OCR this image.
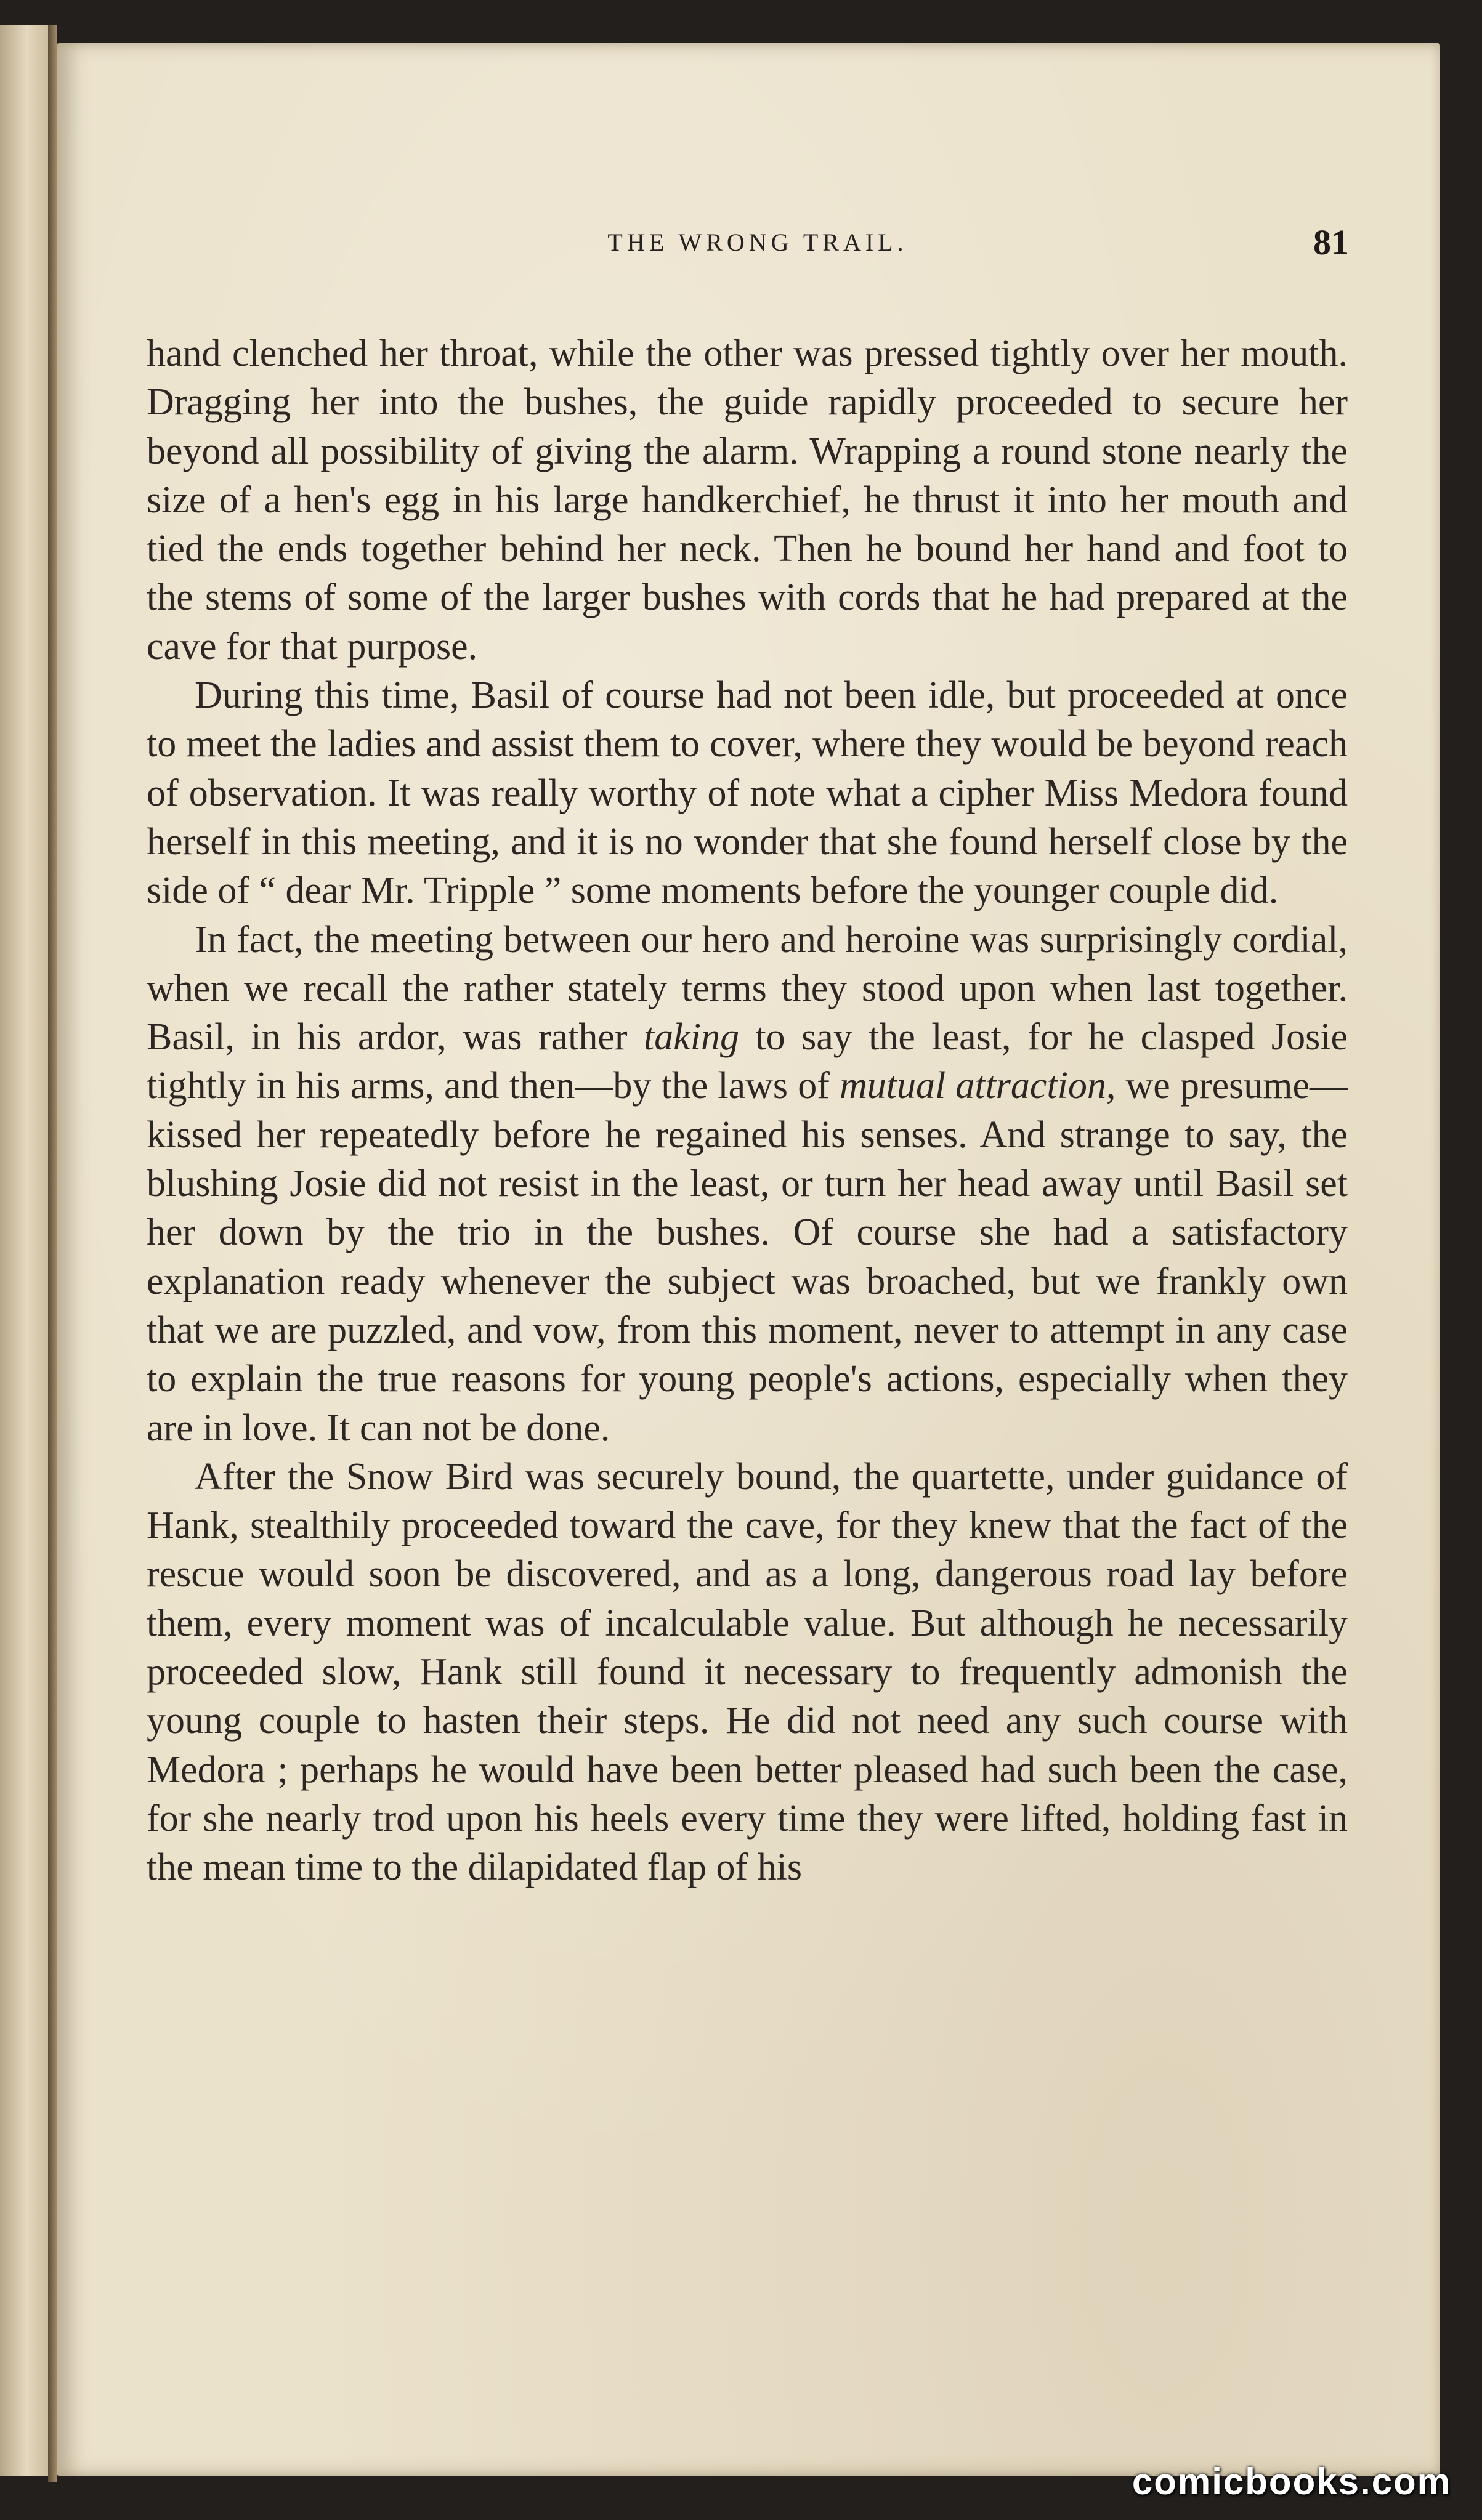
THE WRONG TRAIL.	81

hand clenched her throat, while the other was pressed tightly over her mouth. Dragging her into the bushes, the guide rapidly proceeded to secure her beyond all possibility of giving the alarm. Wrapping a round stone nearly the size of a hen's egg in his large handkerchief, he thrust it into her mouth and tied the ends together behind her neck. Then he bound her hand and foot to the stems of some of the larger bushes with cords that he had prepared at the cave for that purpose.

During this time, Basil of course had not been idle, but proceeded at once to meet the ladies and assist them to cover, where they would be beyond reach of observation. It was really worthy of note what a cipher Miss Medora found herself in this meeting, and it is no wonder that she found herself close by the side of “ dear Mr. Tripple ” some moments before the younger couple did.

In fact, the meeting between our hero and heroine was surprisingly cordial, when we recall the rather stately terms they stood upon when last together. Basil, in his ardor, was rather taking to say the least, for he clasped Josie tightly in his arms, and then—by the laws of mutual attraction, we presume—kissed her repeatedly before he regained his senses. And strange to say, the blushing Josie did not resist in the least, or turn her head away until Basil set her down by the trio in the bushes. Of course she had a satisfactory explanation ready whenever the subject was broached, but we frankly own that we are puzzled, and vow, from this moment, never to attempt in any case to explain the true reasons for young people's actions, especially when they are in love. It can not be done.

After the Snow Bird was securely bound, the quartette, under guidance of Hank, stealthily proceeded toward the cave, for they knew that the fact of the rescue would soon be discovered, and as a long, dangerous road lay before them, every moment was of incalculable value. But although he necessarily proceeded slow, Hank still found it necessary to frequently admonish the young couple to hasten their steps. He did not need any such course with Medora ; perhaps he would have been better pleased had such been the case, for she nearly trod upon his heels every time they were lifted, holding fast in the mean time to the dilapidated flap of his

comicbooks.com
